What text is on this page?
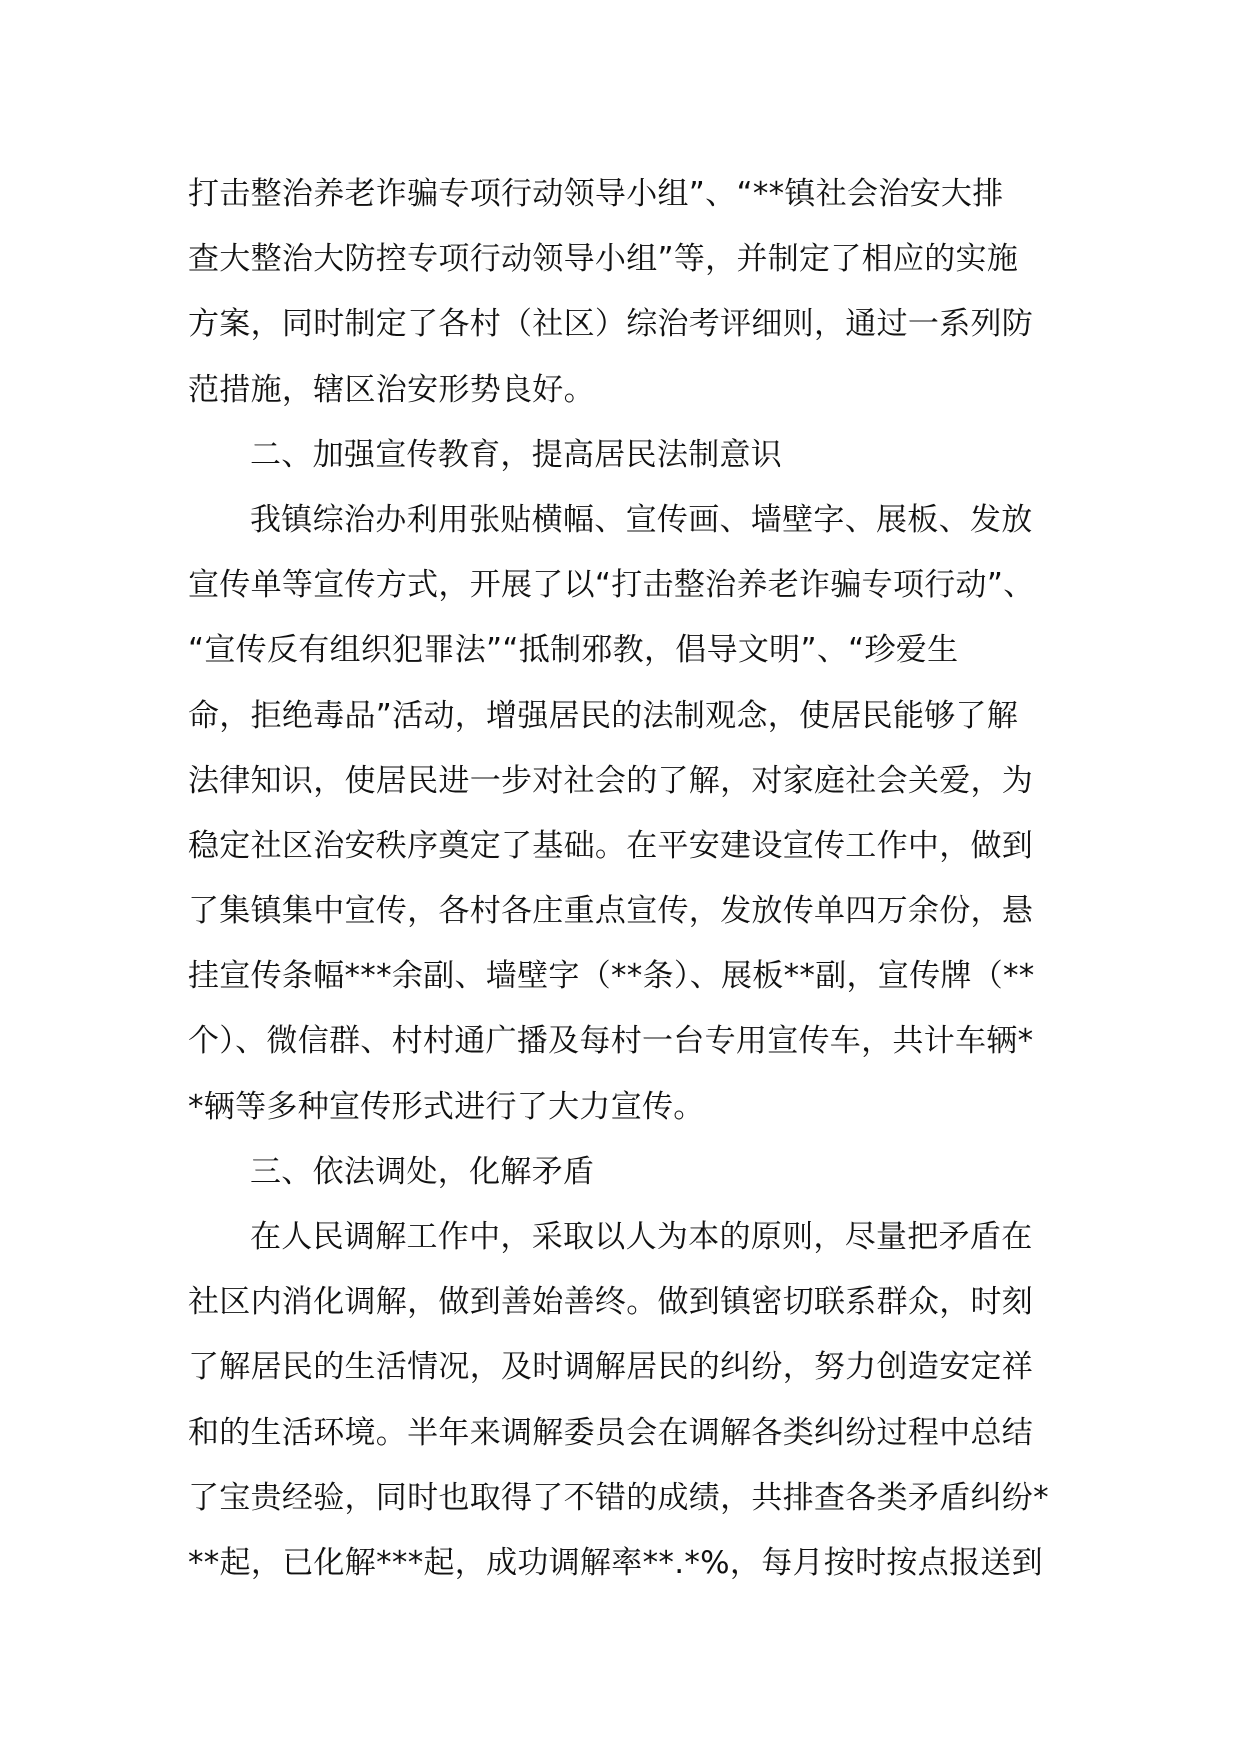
打击整治养老诈骗专项行动领导小组”、“**镇社会治安大排
查大整治大防控专项行动领导小组”等，并制定了相应的实施
方案，同时制定了各村（社区）综治考评细则，通过一系列防
范措施，辖区治安形势良好。
二、加强宣传教育，提高居民法制意识
我镇综治办利用张贴横幅、宣传画、墙壁字、展板、发放
宣传单等宣传方式，开展了以“打击整治养老诈骗专项行动”、
“宣传反有组织犯罪法”“抵制邪教，倡导文明”、“珍爱生
命，拒绝毒品”活动，增强居民的法制观念，使居民能够了解
法律知识，使居民进一步对社会的了解，对家庭社会关爱，为
稳定社区治安秩序奠定了基础。在平安建设宣传工作中，做到
了集镇集中宣传，各村各庄重点宣传，发放传单四万余份，悬
挂宣传条幅***余副、墙壁字（**条）、展板**副，宣传牌（**
个）、微信群、村村通广播及每村一台专用宣传车，共计车辆*
*辆等多种宣传形式进行了大力宣传。
三、依法调处，化解矛盾
在人民调解工作中，采取以人为本的原则，尽量把矛盾在
社区内消化调解，做到善始善终。做到镇密切联系群众，时刻
了解居民的生活情况，及时调解居民的纠纷，努力创造安定祥
和的生活环境。半年来调解委员会在调解各类纠纷过程中总结
了宝贵经验，同时也取得了不错的成绩，共排查各类矛盾纠纷*
**起，已化解***起，成功调解率**.*%，每月按时按点报送到
